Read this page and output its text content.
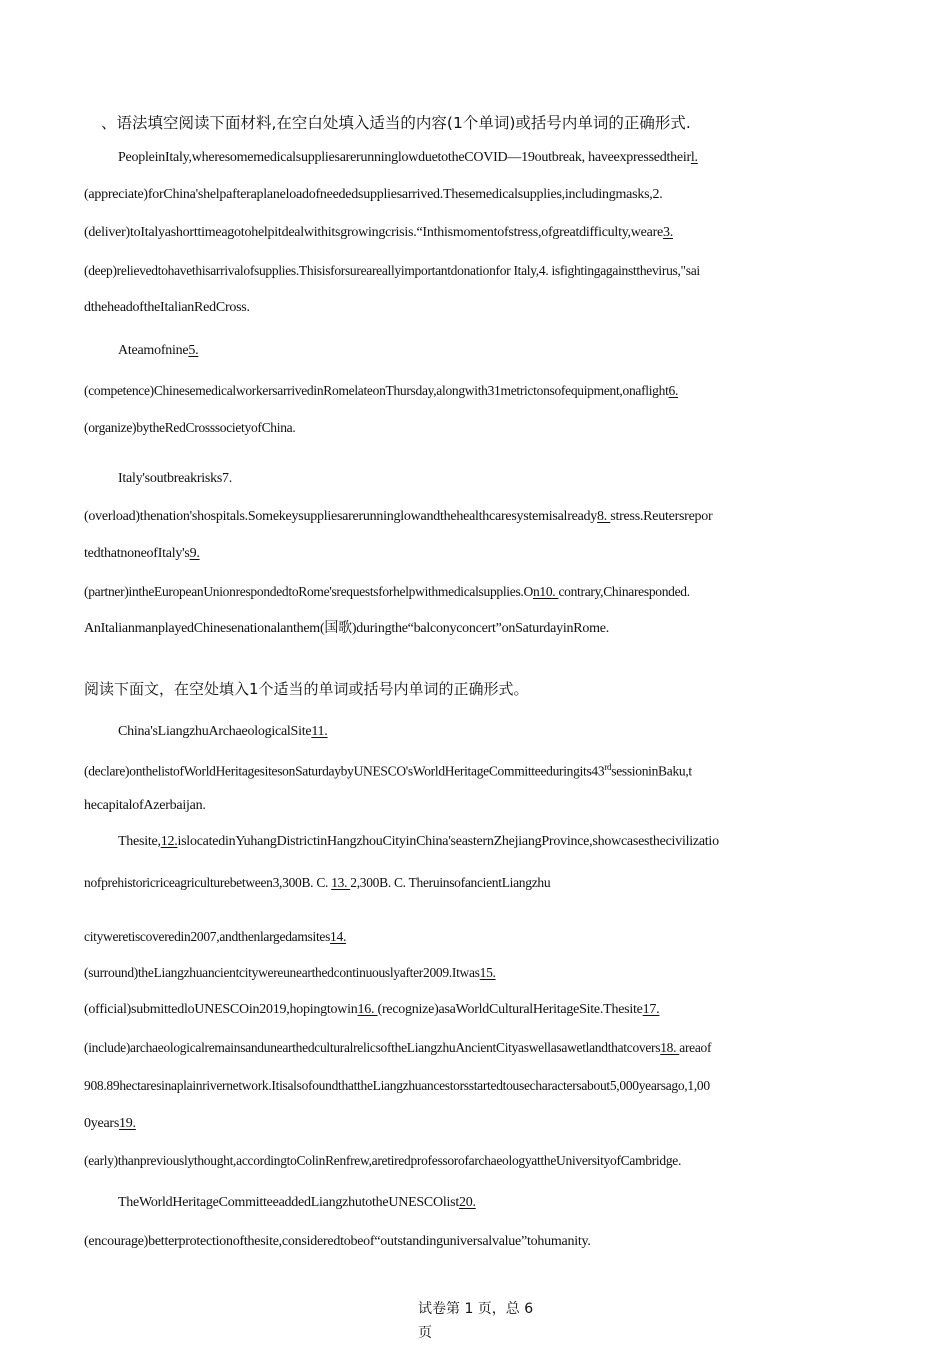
、语法填空阅读下面材料,在空白处填入适当的内容(1个单词)或括号内单词的正确形式.
PeopleinItaly,wheresomemedicalsuppliesarerunninglowduetotheCOVID—19outbreak, haveexpressedtheirl.
(appreciate)forChina'shelpafteraplaneloadofneededsuppliesarrived.Thesemedicalsupplies,includingmasks,2.
(deliver)toItalyashorttimeagotohelpitdealwithitsgrowingcrisis.“Inthismomentofstress,ofgreatdifficulty,weare3.
(deep)relievedtohavethisarrivalofsupplies.Thisisforsureareallyimportantdonationfor Italy,4. isfightingagainstthevirus,"sai
dtheheadoftheItalianRedCross.
Ateamofnine5.
(competence)ChinesemedicalworkersarrivedinRomelateonThursday,alongwith31metrictonsofequipment,onaflight6.
(organize)bytheRedCrosssocietyofChina.
Italy'soutbreakrisks7.
(overload)thenation'shospitals.Somekeysuppliesarerunninglowandthehealthcaresystemisalready8. stress.Reutersrepor
tedthatnoneofItaly's9.
(partner)intheEuropeanUnionrespondedtoRome'srequestsforhelpwithmedicalsupplies.On10. contrary,Chinaresponded.
AnItalianmanplayedChinesenationalanthem(国歌)duringthe“balconyconcert”onSaturdayinRome.
阅读下面文，在空处填入1个适当的单词或括号内单词的正确形式。
China'sLiangzhuArchaeologicalSite11.
(declare)onthelistofWorldHeritagesitesonSaturdaybyUNESCO'sWorldHeritageCommitteeduringits43rdsessioninBaku,t
hecapitalofAzerbaijan.
Thesite,12.islocatedinYuhangDistrictinHangzhouCityinChina'seasternZhejiangProvince,showcasesthecivilizatio
nofprehistoricriceagriculturebetween3,300B. C. 13. 2,300B. C. TheruinsofancientLiangzhu
cityweretiscoveredin2007,andthenlargedamsites14.
(surround)theLiangzhuancientcitywereunearthedcontinuouslyafter2009.Itwas15.
(official)submittedloUNESCOin2019,hopingtowin16. (recognize)asaWorldCulturalHeritageSite.Thesite17.
(include)archaeologicalremainsandunearthedculturalrelicsoftheLiangzhuAncientCityaswellasawetlandthatcovers18. areaof
908.89hectaresinaplainrivernetwork.ItisalsofoundthattheLiangzhuancestorsstartedtousecharactersabout5,000yearsago,1,00
0years19.
(early)thanpreviouslythought,accordingtoColinRenfrew,aretiredprofessorofarchaeologyattheUniversityofCambridge.
TheWorldHeritageCommitteeaddedLiangzhutotheUNESCOlist20.
(encourage)betterprotectionofthesite,consideredtobeof“outstandinguniversalvalue”tohumanity.
试卷第 1 页，总 6
页
